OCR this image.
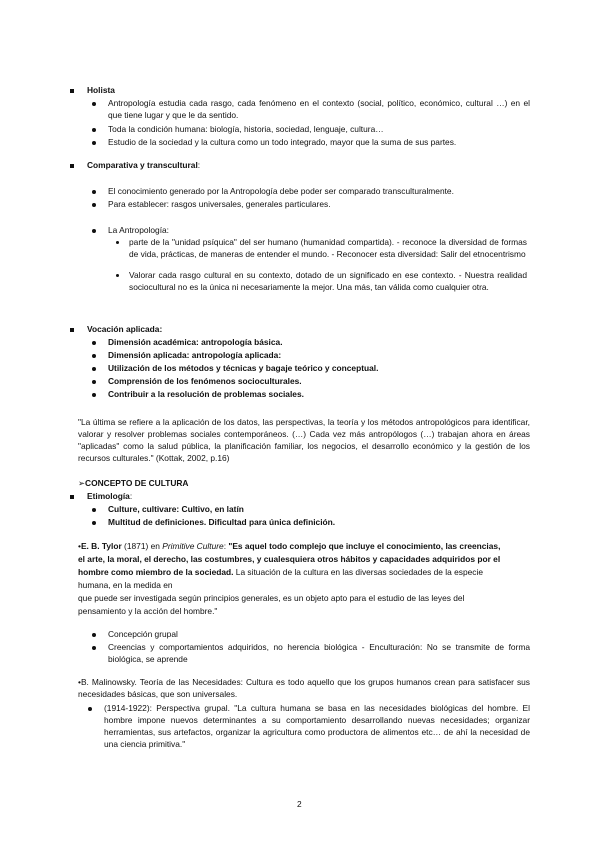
Holista
Antropología estudia cada rasgo, cada fenómeno en el contexto (social, político, económico, cultural …) en el que tiene lugar y que le da sentido.
Toda la condición humana: biología, historia, sociedad, lenguaje, cultura…
Estudio de la sociedad y la cultura como un todo integrado, mayor que la suma de sus partes.
Comparativa y transcultural:
El conocimiento generado por la Antropología debe poder ser comparado transculturalmente.
Para establecer: rasgos universales, generales particulares.
La Antropología:
parte de la "unidad psíquica" del ser humano (humanidad compartida). - reconoce la diversidad de formas de vida, prácticas, de maneras de entender el mundo. - Reconocer esta diversidad: Salir del etnocentrismo
Valorar cada rasgo cultural en su contexto, dotado de un significado en ese contexto. - Nuestra realidad sociocultural no es la única ni necesariamente la mejor. Una más, tan válida como cualquier otra.
Vocación aplicada:
Dimensión académica: antropología básica.
Dimensión aplicada: antropología aplicada:
Utilización de los métodos y técnicas y bagaje teórico y conceptual.
Comprensión de los fenómenos socioculturales.
Contribuir a la resolución de problemas sociales.
"La última se refiere a la aplicación de los datos, las perspectivas, la teoría y los métodos antropológicos para identificar, valorar y resolver problemas sociales contemporáneos. (…) Cada vez más antropólogos (…) trabajan ahora en áreas "aplicadas" como la salud pública, la planificación familiar, los negocios, el desarrollo económico y la gestión de los recursos culturales." (Kottak, 2002, p.16)
➢CONCEPTO DE CULTURA
Etimología:
Culture, cultivare: Cultivo, en latín
Multitud de definiciones. Dificultad para única definición.
•E. B. Tylor (1871) en Primitive Culture: "Es aquel todo complejo que incluye el conocimiento, las creencias,
el arte, la moral, el derecho, las costumbres, y cualesquiera otros hábitos y capacidades adquiridos por el
hombre como miembro de la sociedad. La situación de la cultura en las diversas sociedades de la especie
humana, en la medida en
que puede ser investigada según principios generales, es un objeto apto para el estudio de las leyes del
pensamiento y la acción del hombre."
Concepción grupal
Creencias y comportamientos adquiridos, no herencia biológica - Enculturación: No se transmite de forma biológica, se aprende
•B. Malinowsky. Teoría de las Necesidades: Cultura es todo aquello que los grupos humanos crean para satisfacer sus necesidades básicas, que son universales.
(1914-1922): Perspectiva grupal. "La cultura humana se basa en las necesidades biológicas del hombre. El hombre impone nuevos determinantes a su comportamiento desarrollando nuevas necesidades; organizar herramientas, sus artefactos, organizar la agricultura como productora de alimentos etc… de ahí la necesidad de una ciencia primitiva."
2
